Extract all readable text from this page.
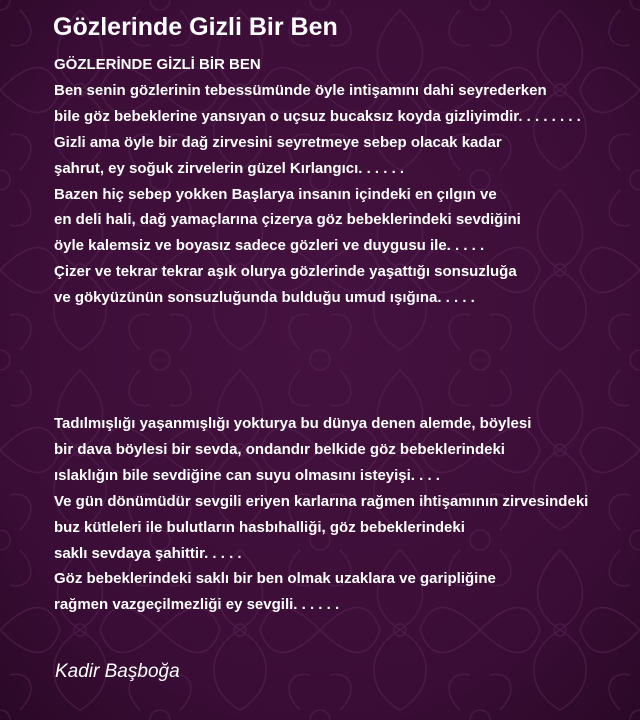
Gözlerinde Gizli Bir Ben
GÖZLERİNDE GİZLİ BİR BEN
Ben senin gözlerinin tebessümünde öyle intişamını dahi seyrederken
bile göz bebeklerine yansıyan o uçsuz bucaksız koyda gizliyimdir. . . . . . . .
Gizli ama öyle bir dağ zirvesini seyretmeye sebep olacak kadar
şahrut, ey soğuk zirvelerin güzel Kırlangıcı. . . . . .
Bazen hiç sebep yokken Başlarya insanın içindeki en çılgın ve
en deli hali, dağ yamaçlarına çizerya göz bebeklerindeki sevdiğini
öyle kalemsiz ve boyasız sadece gözleri ve duygusu ile. . . . .
Çizer ve tekrar tekrar aşık olurya gözlerinde yaşattığı sonsuzluğa
ve gökyüzünün sonsuzluğunda bulduğu umud ışığına. . . . .
Tadılmışlığı yaşanmışlığı yokturya bu dünya denen alemde, böylesi
bir dava böylesi bir sevda, ondandır belkide göz bebeklerindeki
ıslaklığın bile sevdiğine can suyu olmasını isteyişi. . . .
Ve gün dönümüdür sevgili eriyen karlarına rağmen ihtişamının zirvesindeki
buz kütleleri ile bulutların hasbıhalliği, göz bebeklerindeki
saklı sevdaya şahittir. . . . .
Göz bebeklerindeki saklı bir ben olmak uzaklara ve garipliğine
rağmen vazgeçilmezliği ey sevgili. . . . . .

Kadir Başboğa
